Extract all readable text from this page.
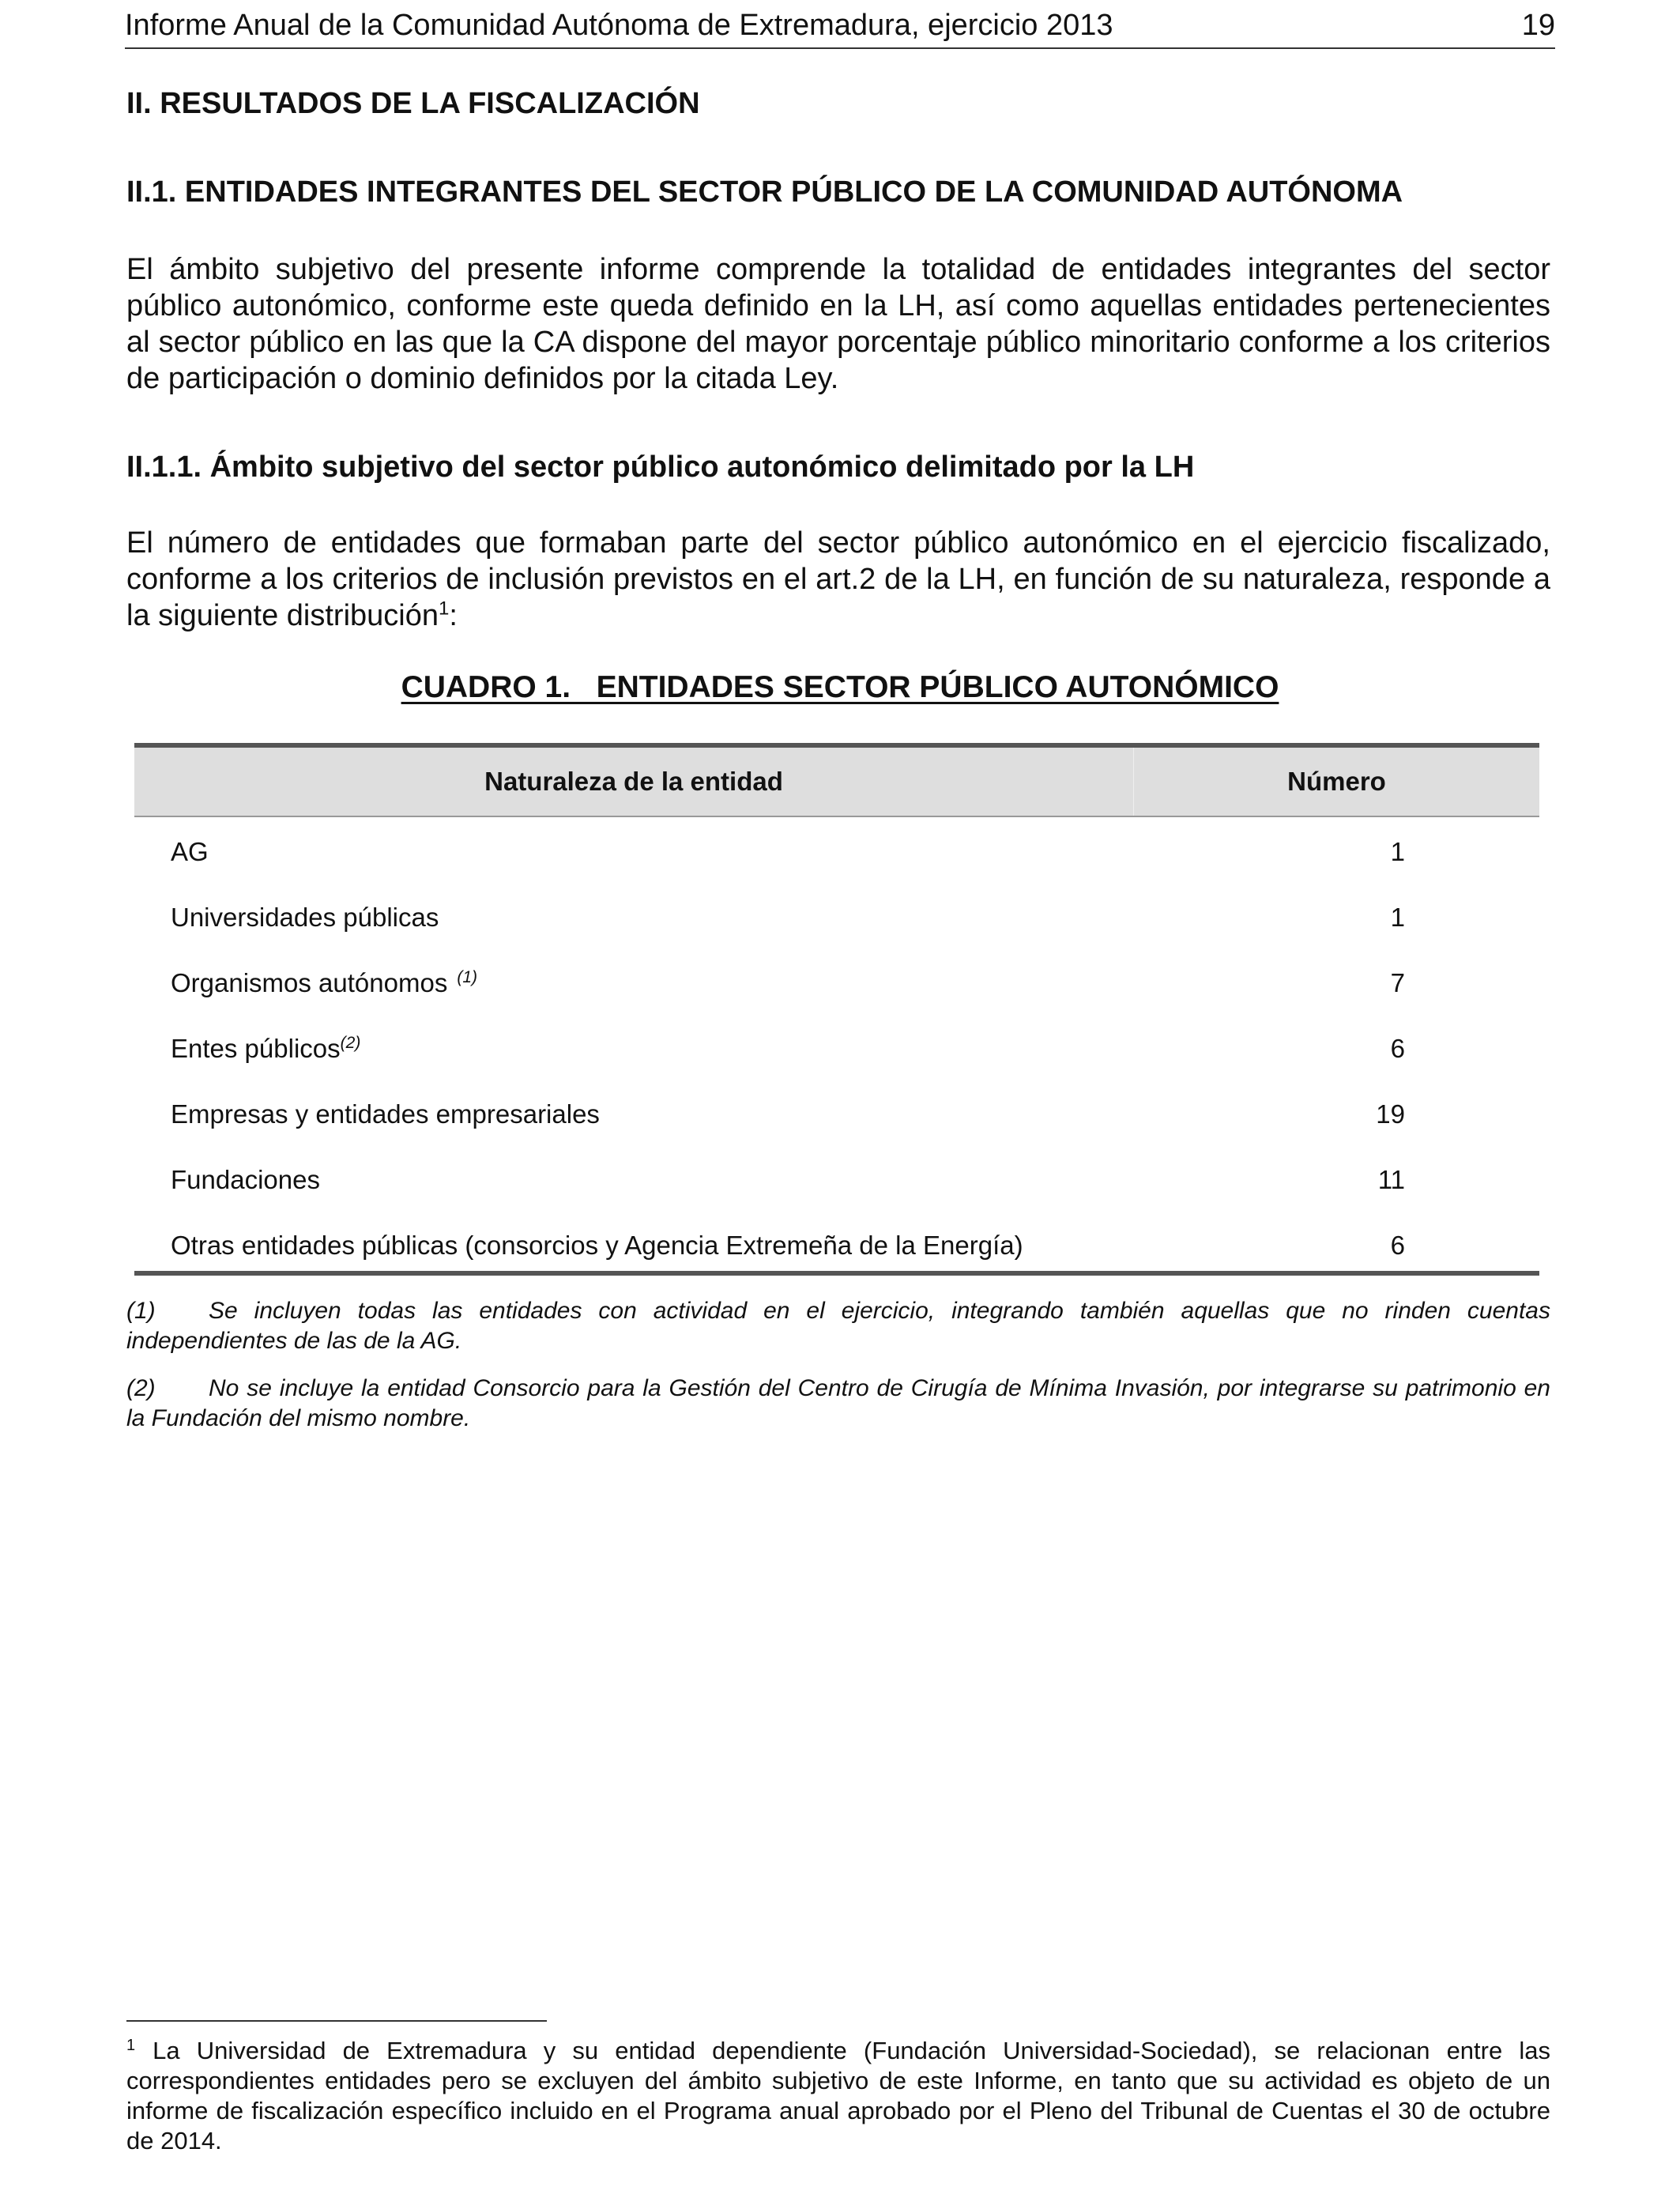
Informe Anual de la Comunidad Autónoma de Extremadura, ejercicio 2013	19
II. RESULTADOS DE LA FISCALIZACIÓN
II.1. ENTIDADES INTEGRANTES DEL SECTOR PÚBLICO DE LA COMUNIDAD AUTÓNOMA

El ámbito subjetivo del presente informe comprende la totalidad de entidades integrantes del sector público autonómico, conforme este queda definido en la LH, así como aquellas entidades pertenecientes al sector público en las que la CA dispone del mayor porcentaje público minoritario conforme a los criterios de participación o dominio definidos por la citada Ley.

II.1.1. Ámbito subjetivo del sector público autonómico delimitado por la LH

El número de entidades que formaban parte del sector público autonómico en el ejercicio fiscalizado, conforme a los criterios de inclusión previstos en el art.2 de la LH, en función de su naturaleza, responde a la siguiente distribución$^1$:

CUADRO 1.   ENTIDADES SECTOR PÚBLICO AUTONÓMICO

Naturaleza de la entidad	Número
AG	1
Universidades públicas	1
Organismos autónomos $^{(1)}$	7
Entes públicos$^{(2)}$	6
Empresas y entidades empresariales	19
Fundaciones	11
Otras entidades públicas (consorcios y Agencia Extremeña de la Energía)	6

(1) Se incluyen todas las entidades con actividad en el ejercicio, integrando también aquellas que no rinden cuentas independientes de las de la AG.

(2) No se incluye la entidad Consorcio para la Gestión del Centro de Cirugía de Mínima Invasión, por integrarse su patrimonio en la Fundación del mismo nombre.

$^1$ La Universidad de Extremadura y su entidad dependiente (Fundación Universidad-Sociedad), se relacionan entre las correspondientes entidades pero se excluyen del ámbito subjetivo de este Informe, en tanto que su actividad es objeto de un informe de fiscalización específico incluido en el Programa anual aprobado por el Pleno del Tribunal de Cuentas el 30 de octubre de 2014.
